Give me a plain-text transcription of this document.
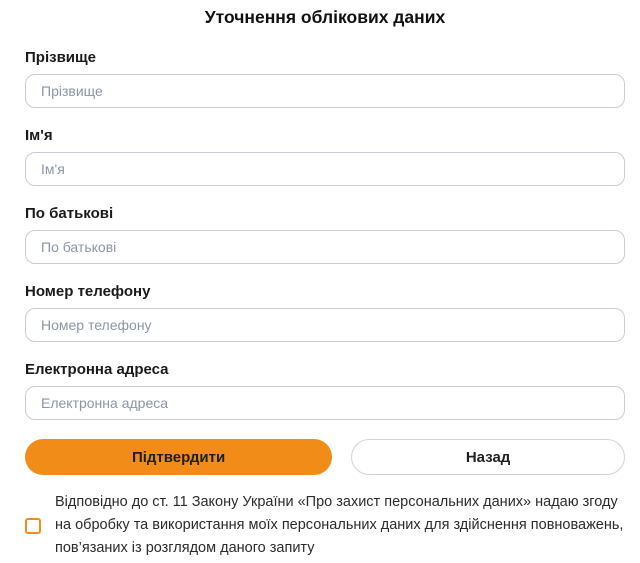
Уточнення облікових даних
Прізвище
Прізвище
Ім'я
Ім'я
По батькові
По батькові
Номер телефону
Номер телефону
Електронна адреса
Електронна адреса
Підтвердити	Назад
Відповідно до ст. 11 Закону України «Про захист персональних даних» надаю згоду на обробку та використання моїх персональних даних для здійснення повноважень, пов’язаних із розглядом даного запиту
